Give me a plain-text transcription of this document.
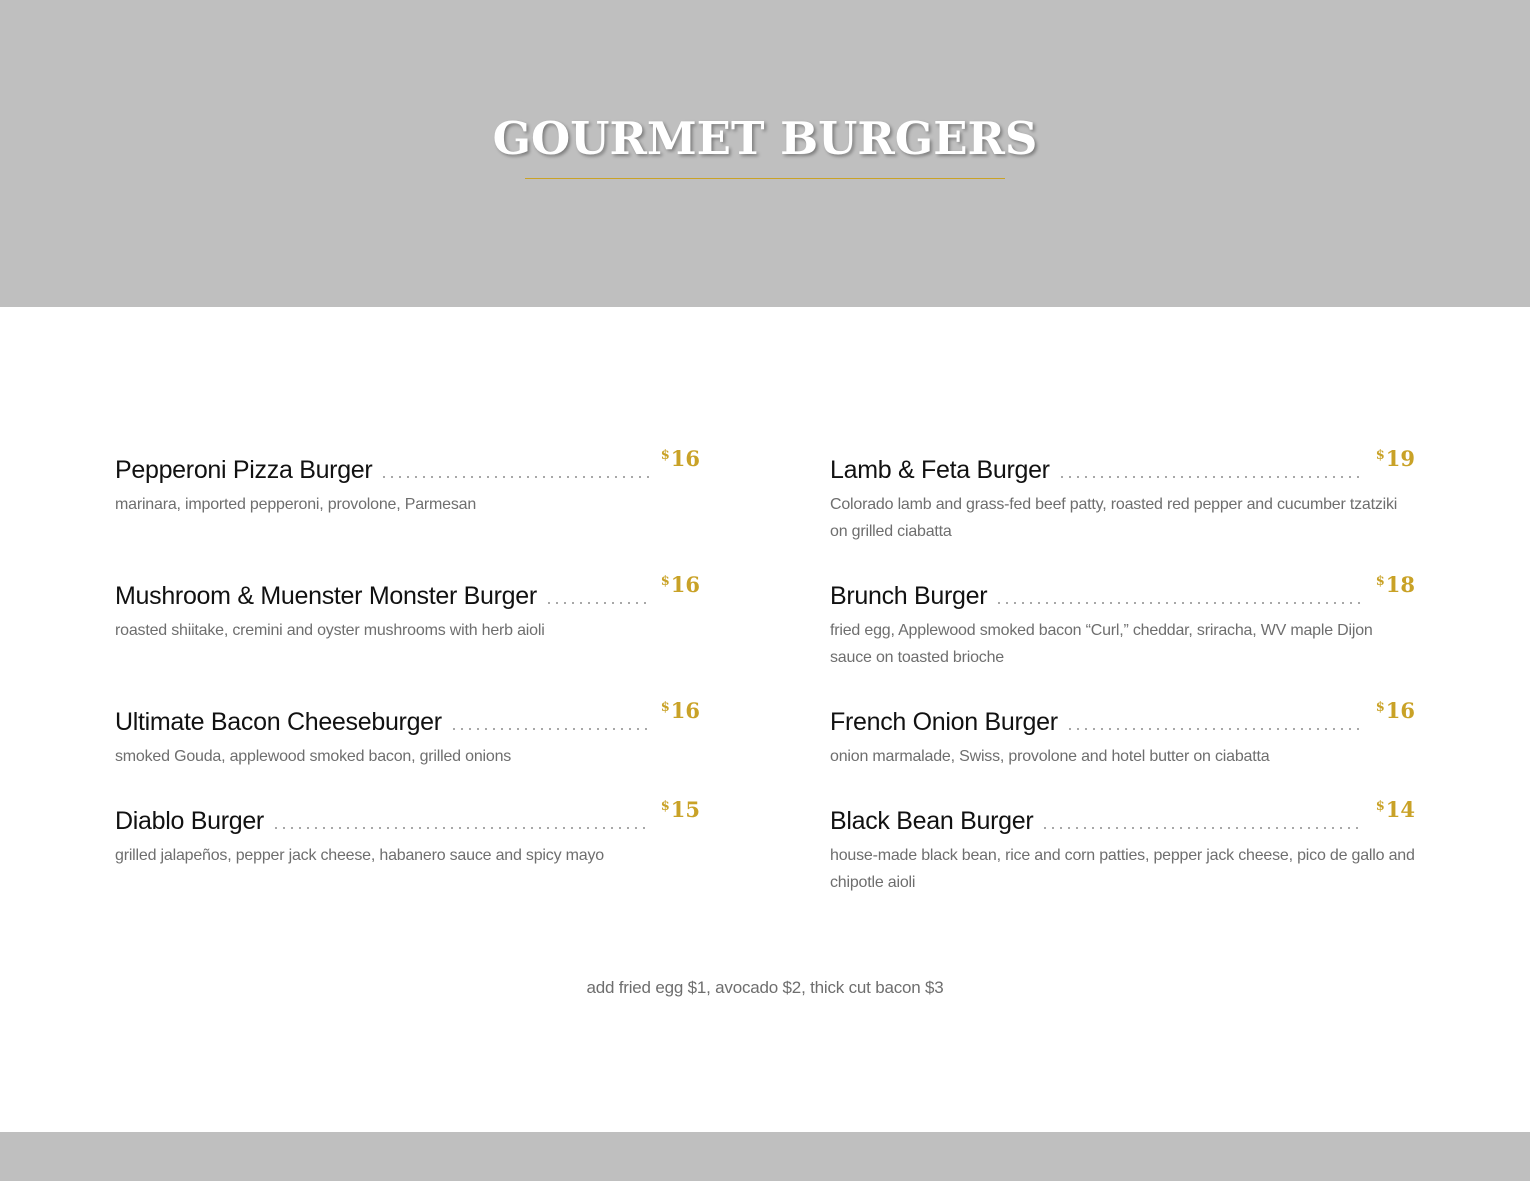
GOURMET BURGERS
Pepperoni Pizza Burger
$16
marinara, imported pepperoni, provolone, Parmesan
Mushroom & Muenster Monster Burger
$16
roasted shiitake, cremini and oyster mushrooms with herb aioli
Ultimate Bacon Cheeseburger
$16
smoked Gouda, applewood smoked bacon, grilled onions
Diablo Burger
$15
grilled jalapeños, pepper jack cheese, habanero sauce and spicy mayo
Lamb & Feta Burger
$19
Colorado lamb and grass-fed beef patty, roasted red pepper and cucumber tzatziki on grilled ciabatta
Brunch Burger
$18
fried egg, Applewood smoked bacon “Curl,” cheddar, sriracha, WV maple Dijon sauce on toasted brioche
French Onion Burger
$16
onion marmalade, Swiss, provolone and hotel butter on ciabatta
Black Bean Burger
$14
house-made black bean, rice and corn patties, pepper jack cheese, pico de gallo and chipotle aioli
add fried egg $1, avocado $2, thick cut bacon $3
